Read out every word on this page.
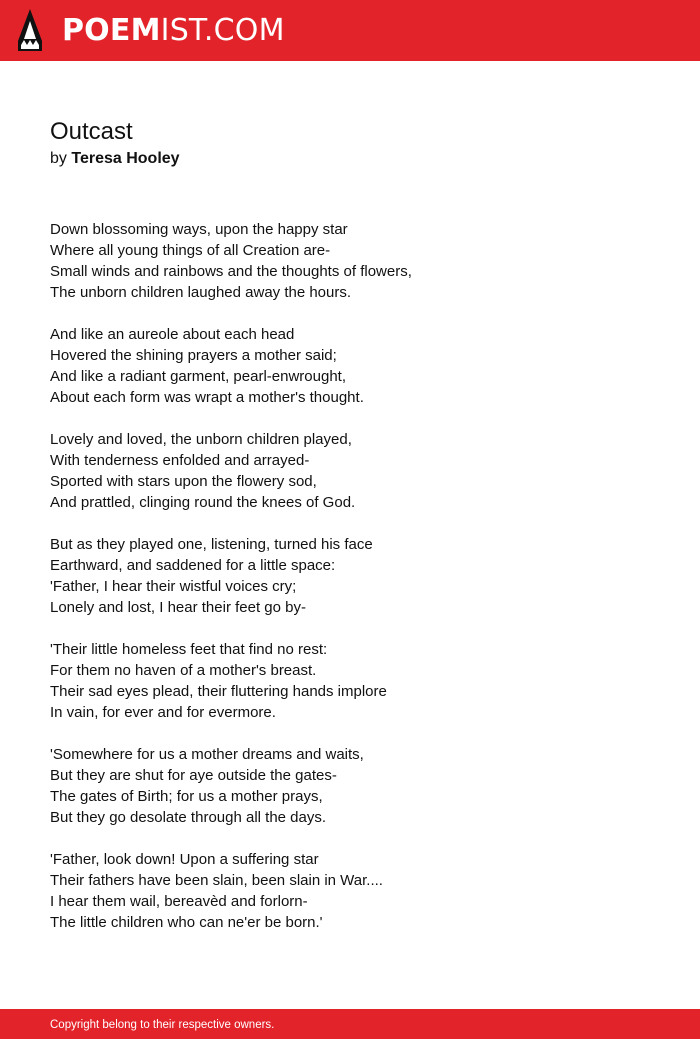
POEMIST.COM
Outcast
by Teresa Hooley
Down blossoming ways, upon the happy star
Where all young things of all Creation are-
Small winds and rainbows and the thoughts of flowers,
The unborn children laughed away the hours.
And like an aureole about each head
Hovered the shining prayers a mother said;
And like a radiant garment, pearl-enwrought,
About each form was wrapt a mother's thought.
Lovely and loved, the unborn children played,
With tenderness enfolded and arrayed-
Sported with stars upon the flowery sod,
And prattled, clinging round the knees of God.
But as they played one, listening, turned his face
Earthward, and saddened for a little space:
'Father, I hear their wistful voices cry;
Lonely and lost, I hear their feet go by-
'Their little homeless feet that find no rest:
For them no haven of a mother's breast.
Their sad eyes plead, their fluttering hands implore
In vain, for ever and for evermore.
'Somewhere for us a mother dreams and waits,
But they are shut for aye outside the gates-
The gates of Birth; for us a mother prays,
But they go desolate through all the days.
'Father, look down! Upon a suffering star
Their fathers have been slain, been slain in War....
I hear them wail, bereavèd and forlorn-
The little children who can ne'er be born.'
Copyright belong to their respective owners.
